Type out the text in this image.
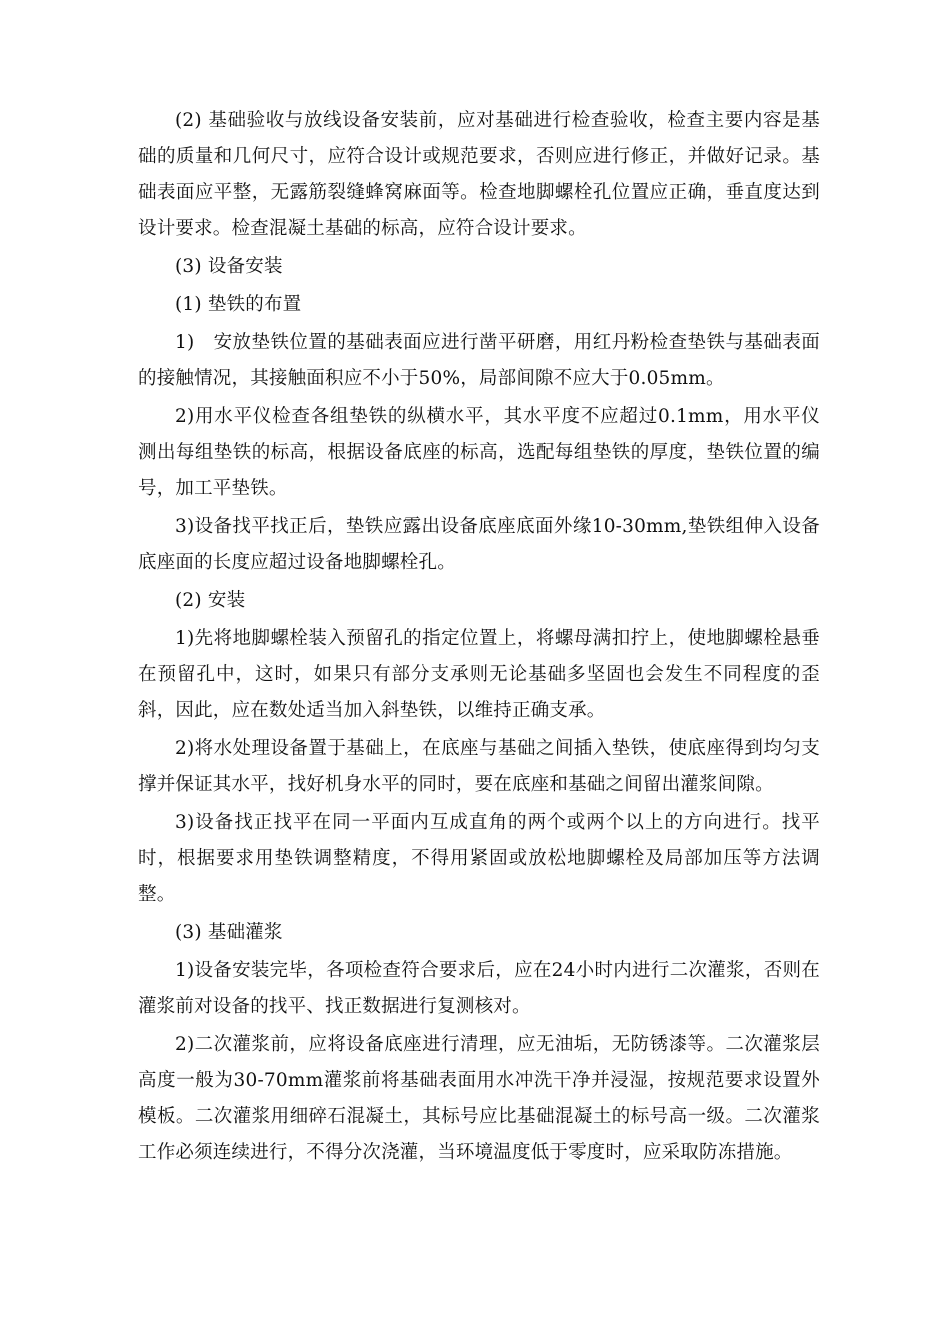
(2) 基础验收与放线设备安装前，应对基础进行检查验收，检查主要内容是基础的质量和几何尺寸，应符合设计或规范要求，否则应进行修正，并做好记录。基础表面应平整，无露筋裂缝蜂窝麻面等。检查地脚螺栓孔位置应正确，垂直度达到设计要求。检查混凝土基础的标高，应符合设计要求。

(3) 设备安装

(1) 垫铁的布置

1)　安放垫铁位置的基础表面应进行凿平研磨，用红丹粉检查垫铁与基础表面的接触情况，其接触面积应不小于50%，局部间隙不应大于0.05mm。

2)用水平仪检查各组垫铁的纵横水平，其水平度不应超过0.1mm，用水平仪测出每组垫铁的标高，根据设备底座的标高，选配每组垫铁的厚度，垫铁位置的编号，加工平垫铁。

3)设备找平找正后，垫铁应露出设备底座底面外缘10-30mm,垫铁组伸入设备底座面的长度应超过设备地脚螺栓孔。

(2) 安装

1)先将地脚螺栓装入预留孔的指定位置上，将螺母满扣拧上，使地脚螺栓悬垂在预留孔中，这时，如果只有部分支承则无论基础多坚固也会发生不同程度的歪斜，因此，应在数处适当加入斜垫铁，以维持正确支承。

2)将水处理设备置于基础上，在底座与基础之间插入垫铁，使底座得到均匀支撑并保证其水平，找好机身水平的同时，要在底座和基础之间留出灌浆间隙。

3)设备找正找平在同一平面内互成直角的两个或两个以上的方向进行。找平时，根据要求用垫铁调整精度，不得用紧固或放松地脚螺栓及局部加压等方法调整。

(3) 基础灌浆

1)设备安装完毕，各项检查符合要求后，应在24小时内进行二次灌浆，否则在灌浆前对设备的找平、找正数据进行复测核对。

2)二次灌浆前，应将设备底座进行清理，应无油垢，无防锈漆等。二次灌浆层高度一般为30-70mm灌浆前将基础表面用水冲洗干净并浸湿，按规范要求设置外模板。二次灌浆用细碎石混凝土，其标号应比基础混凝土的标号高一级。二次灌浆工作必须连续进行，不得分次浇灌，当环境温度低于零度时，应采取防冻措施。
